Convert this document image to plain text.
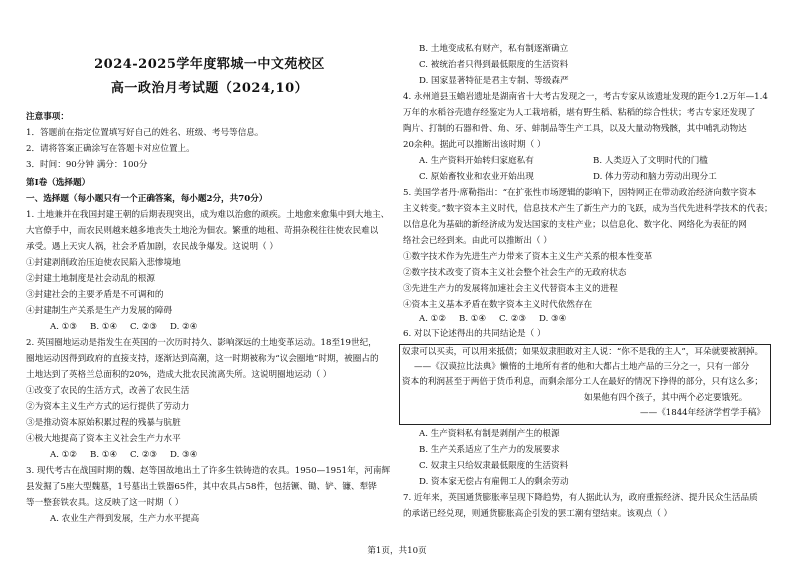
2024-2025学年度郓城一中文苑校区
高一政治月考试题（2024,10）
注意事项：
1．答题前在指定位置填写好自己的姓名、班级、考号等信息。
2．请将答案正确涂写在答题卡对应位置上。
3．时间：90分钟 满分：100分
第Ⅰ卷（选择题）
一、选择题（每小题只有一个正确答案，每小题2分，共70分）
1. 土地兼并在我国封建王朝的后期表现突出，成为难以治愈的顽疾。土地愈来愈集中到大地主、
大官僚手中，而农民则越来越多地丧失土地沦为佃农。繁重的地租、苛捐杂税往往使农民难以
承受。遇上天灾人祸，社会矛盾加剧，农民战争爆发。这说明（ ）
①封建剥削政治压迫使农民陷入悲惨境地
②封建土地制度是社会动乱的根源
③封建社会的主要矛盾是不可调和的
④封建制生产关系是生产力发展的障碍
A. ①③ B. ①④ C. ②③ D. ②④
2. 英国圈地运动是指发生在英国的一次历时持久、影响深远的土地变革运动。18至19世纪，
圈地运动因得到政府的直接支持，逐渐达到高潮，这一时期被称为“议会圈地”时期，被圈占的
土地达到了英格兰总面积的20%，造成大批农民流离失所。这说明圈地运动（ ）
①改变了农民的生活方式，改善了农民生活
②为资本主义生产方式的运行提供了劳动力
③是推动资本原始积累过程的残暴与肮脏
④极大地提高了资本主义社会生产力水平
A. ①② B. ①④ C. ②③ D. ③④
3. 现代考古在战国时期的魏、赵等国故地出土了许多生铁铸造的农具。1950—1951年，河南辉
县发掘了5座大型魏墓，1号墓出土铁器65件，其中农具占58件，包括镢、锄、铲、镰、犁铧
等一整套铁农具。这反映了这一时期（ ）
A. 农业生产得到发展，生产力水平提高
B. 土地变成私有财产，私有制逐渐确立
C. 被统治者只得到最低限度的生活资料
D. 国家显著特征是君主专制、等级森严
4. 永州道县玉蟾岩遗址是湖南省十大考古发现之一，考古专家从该遗址发现的距今1.2万年—1.4
万年的水稻谷壳遗存经鉴定为人工栽培稻，堪有野生稻、粘稻的综合性状；考古专家还发现了
陶片、打制的石器和骨、角、牙、蚌制品等生产工具，以及大量动物残骸，其中哺乳动物达
20余种。据此可以推断出该时期（ ）
A. 生产资料开始转归家庭私有	B. 人类迈入了文明时代的门槛
C. 原始畜牧业和农业开始出现	D. 体力劳动和脑力劳动出现分工
5. 美国学者丹·席勒指出：“在扩张性市场逻辑的影响下，因特网正在带动政治经济向数字资本
主义转变。”数字资本主义时代，信息技术产生了新生产力的飞跃，成为当代先进科学技术的代表；
以信息化为基础的新经济成为发达国家的支柱产业；以信息化、数字化、网络化为表征的网
络社会已经到来。由此可以推断出（ ）
①数字技术作为先进生产力带来了资本主义生产关系的根本性变革
②数字技术改变了资本主义社会整个社会生产的无政府状态
③先进生产力的发展将加速社会主义代替资本主义的进程
④资本主义基本矛盾在数字资本主义时代依然存在
A. ①② B. ①④ C. ②③ D. ③④
6. 对以下论述得出的共同结论是（ ）
奴隶可以买卖，可以用来抵债；如果奴隶胆敢对主人说：“你不是我的主人”，耳朵就要被割掉。
——《汉谟拉比法典》懒惰的土地所有者的他和大都占土地产品的三分之一，只有一部分
资本的利润甚至于两倍于货币利息，而剩余部分工人在最好的情况下挣得的部分，只有这么多；
如果他有四个孩子，其中两个必定要饿死。
——《1844年经济学哲学手稿》
A. 生产资料私有制是剥削产生的根源
B. 生产关系适应了生产力的发展要求
C. 奴隶主只给奴隶最低限度的生活资料
D. 资本家无偿占有雇佣工人的剩余劳动
7. 近年来，英国通货膨胀率呈现下降趋势，有人据此认为，政府重振经济、提升民众生活品质
的承诺已经兑现，则通货膨胀高企引发的罢工潮有望结束。该观点（ ）
第1页，共10页
